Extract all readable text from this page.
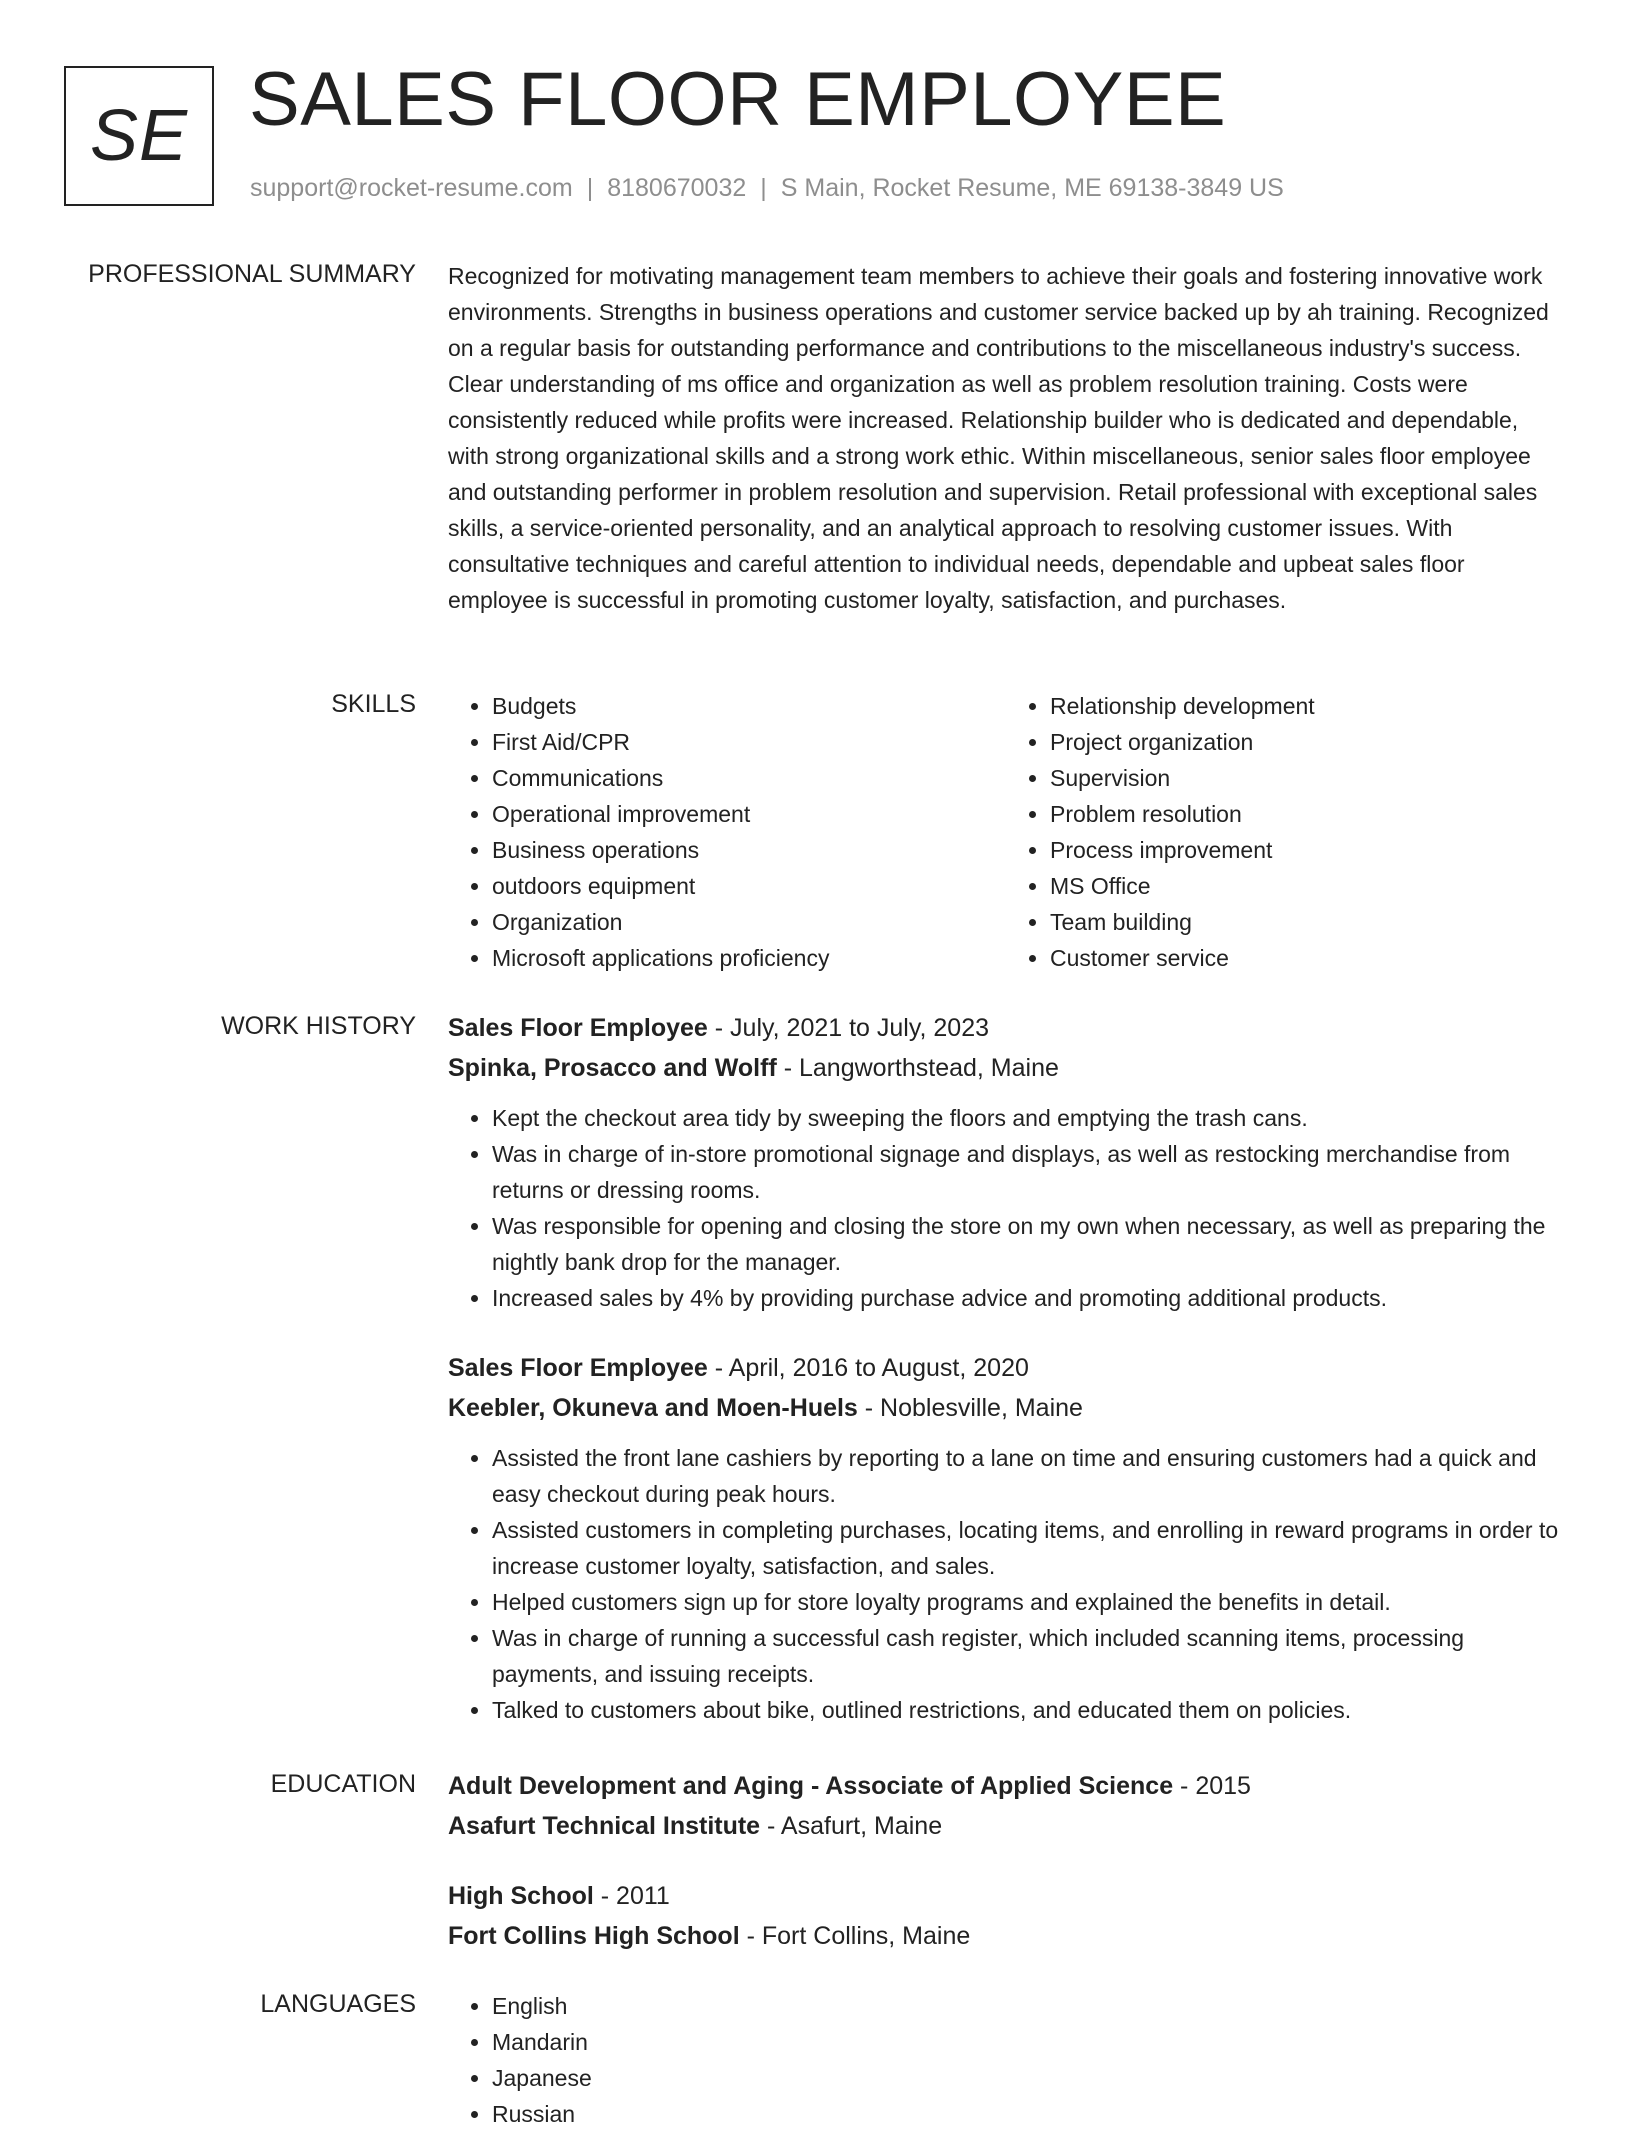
SE SALES FLOOR EMPLOYEE
support@rocket-resume.com | 8180670032 | S Main, Rocket Resume, ME 69138-3849 US
PROFESSIONAL SUMMARY Recognized for motivating management team members to achieve their goals and fostering innovative work environments. Strengths in business operations and customer service backed up by ah training. Recognized on a regular basis for outstanding performance and contributions to the miscellaneous industry's success. Clear understanding of ms office and organization as well as problem resolution training. Costs were consistently reduced while profits were increased. Relationship builder who is dedicated and dependable, with strong organizational skills and a strong work ethic. Within miscellaneous, senior sales floor employee and outstanding performer in problem resolution and supervision. Retail professional with exceptional sales skills, a service-oriented personality, and an analytical approach to resolving customer issues. With consultative techniques and careful attention to individual needs, dependable and upbeat sales floor employee is successful in promoting customer loyalty, satisfaction, and purchases.
SKILLS	• Budgets
• First Aid/CPR
• Communications
• Operational improvement
• Business operations
• outdoors equipment
• Organization
• Microsoft applications proficiency
• Relationship development
• Project organization
• Supervision
• Problem resolution
• Process improvement
• MS Office
• Team building
• Customer service
WORK HISTORY Sales Floor Employee - July, 2021 to July, 2023
Spinka, Prosacco and Wolff - Langworthstead, Maine
• Kept the checkout area tidy by sweeping the floors and emptying the trash cans.
• Was in charge of in-store promotional signage and displays, as well as restocking merchandise from returns or dressing rooms.
• Was responsible for opening and closing the store on my own when necessary, as well as preparing the nightly bank drop for the manager.
• Increased sales by 4% by providing purchase advice and promoting additional products.
Sales Floor Employee - April, 2016 to August, 2020
Keebler, Okuneva and Moen-Huels - Noblesville, Maine
• Assisted the front lane cashiers by reporting to a lane on time and ensuring customers had a quick and easy checkout during peak hours.
• Assisted customers in completing purchases, locating items, and enrolling in reward programs in order to increase customer loyalty, satisfaction, and sales.
• Helped customers sign up for store loyalty programs and explained the benefits in detail.
• Was in charge of running a successful cash register, which included scanning items, processing payments, and issuing receipts.
• Talked to customers about bike, outlined restrictions, and educated them on policies.
EDUCATION Adult Development and Aging - Associate of Applied Science - 2015
Asafurt Technical Institute - Asafurt, Maine
High School - 2011
Fort Collins High School - Fort Collins, Maine
LANGUAGES	• English
• Mandarin
• Japanese
• Russian
